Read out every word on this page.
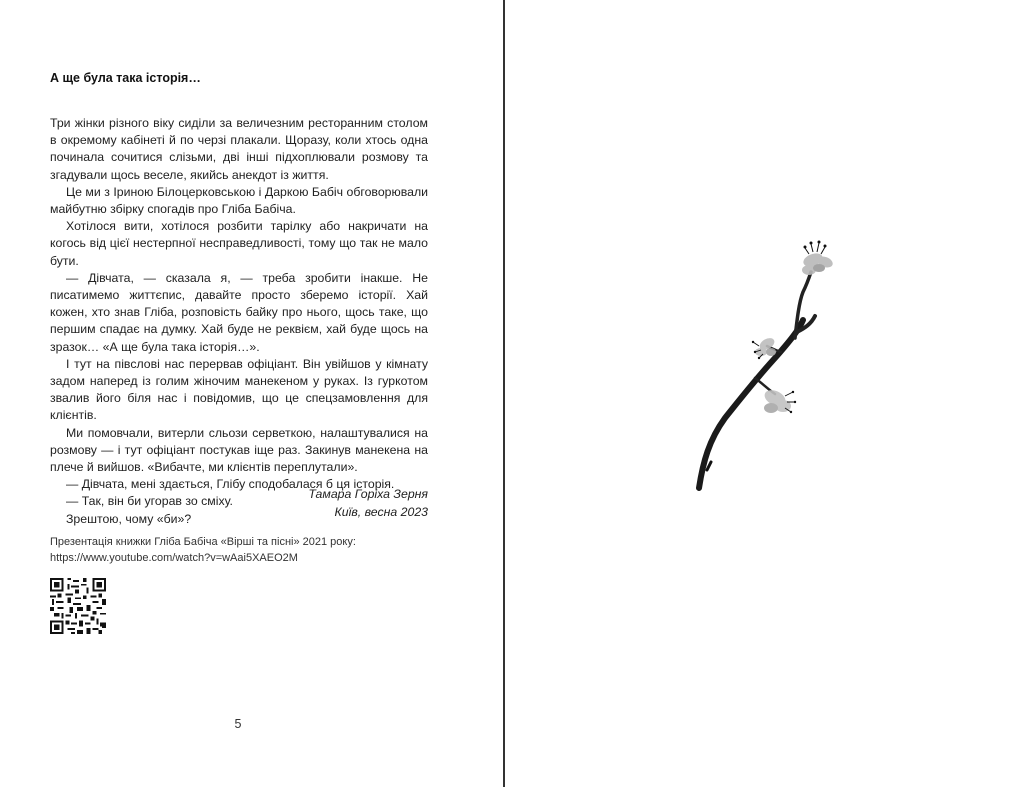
А ще була така історія…

Три жінки різного віку сиділи за величезним ресторанним столом в окремому кабінеті й по черзі плакали. Щоразу, коли хтось одна починала сочитися слізьми, дві інші підхоплювали розмову та згадували щось веселе, якийсь анекдот із життя.

Це ми з Іриною Білоцерковською і Даркою Бабіч обговорювали майбутню збірку спогадів про Гліба Бабіча.

Хотілося вити, хотілося розбити тарілку або накричати на когось від цієї нестерпної несправедливості, тому що так не мало бути.

— Дівчата, — сказала я, — треба зробити інакше. Не писатимемо життєпис, давайте просто зберемо історії. Хай кожен, хто знав Гліба, розповість байку про нього, щось таке, що першим спадає на думку. Хай буде не реквієм, хай буде щось на зразок… «А ще була така історія…».

І тут на півслові нас перервав офіціант. Він увійшов у кімнату задом наперед із голим жіночим манекеном у руках. Із гуркотом звалив його біля нас і повідомив, що це спецзамовлення для клієнтів.

Ми помовчали, витерли сльози серветкою, налаштувалися на розмову — і тут офіціант постукав іще раз. Закинув манекена на плече й вийшов. «Вибачте, ми клієнтів переплутали».

— Дівчата, мені здається, Глібу сподобалася б ця історія.

— Так, він би угорав зо сміху.

Зрештою, чому «би»?

Тамара Горіха Зерня
Київ, весна 2023
Презентація книжки Гліба Бабіча «Вірші та пісні» 2021 року:
https://www.youtube.com/watch?v=wAai5XAEO2M
5
